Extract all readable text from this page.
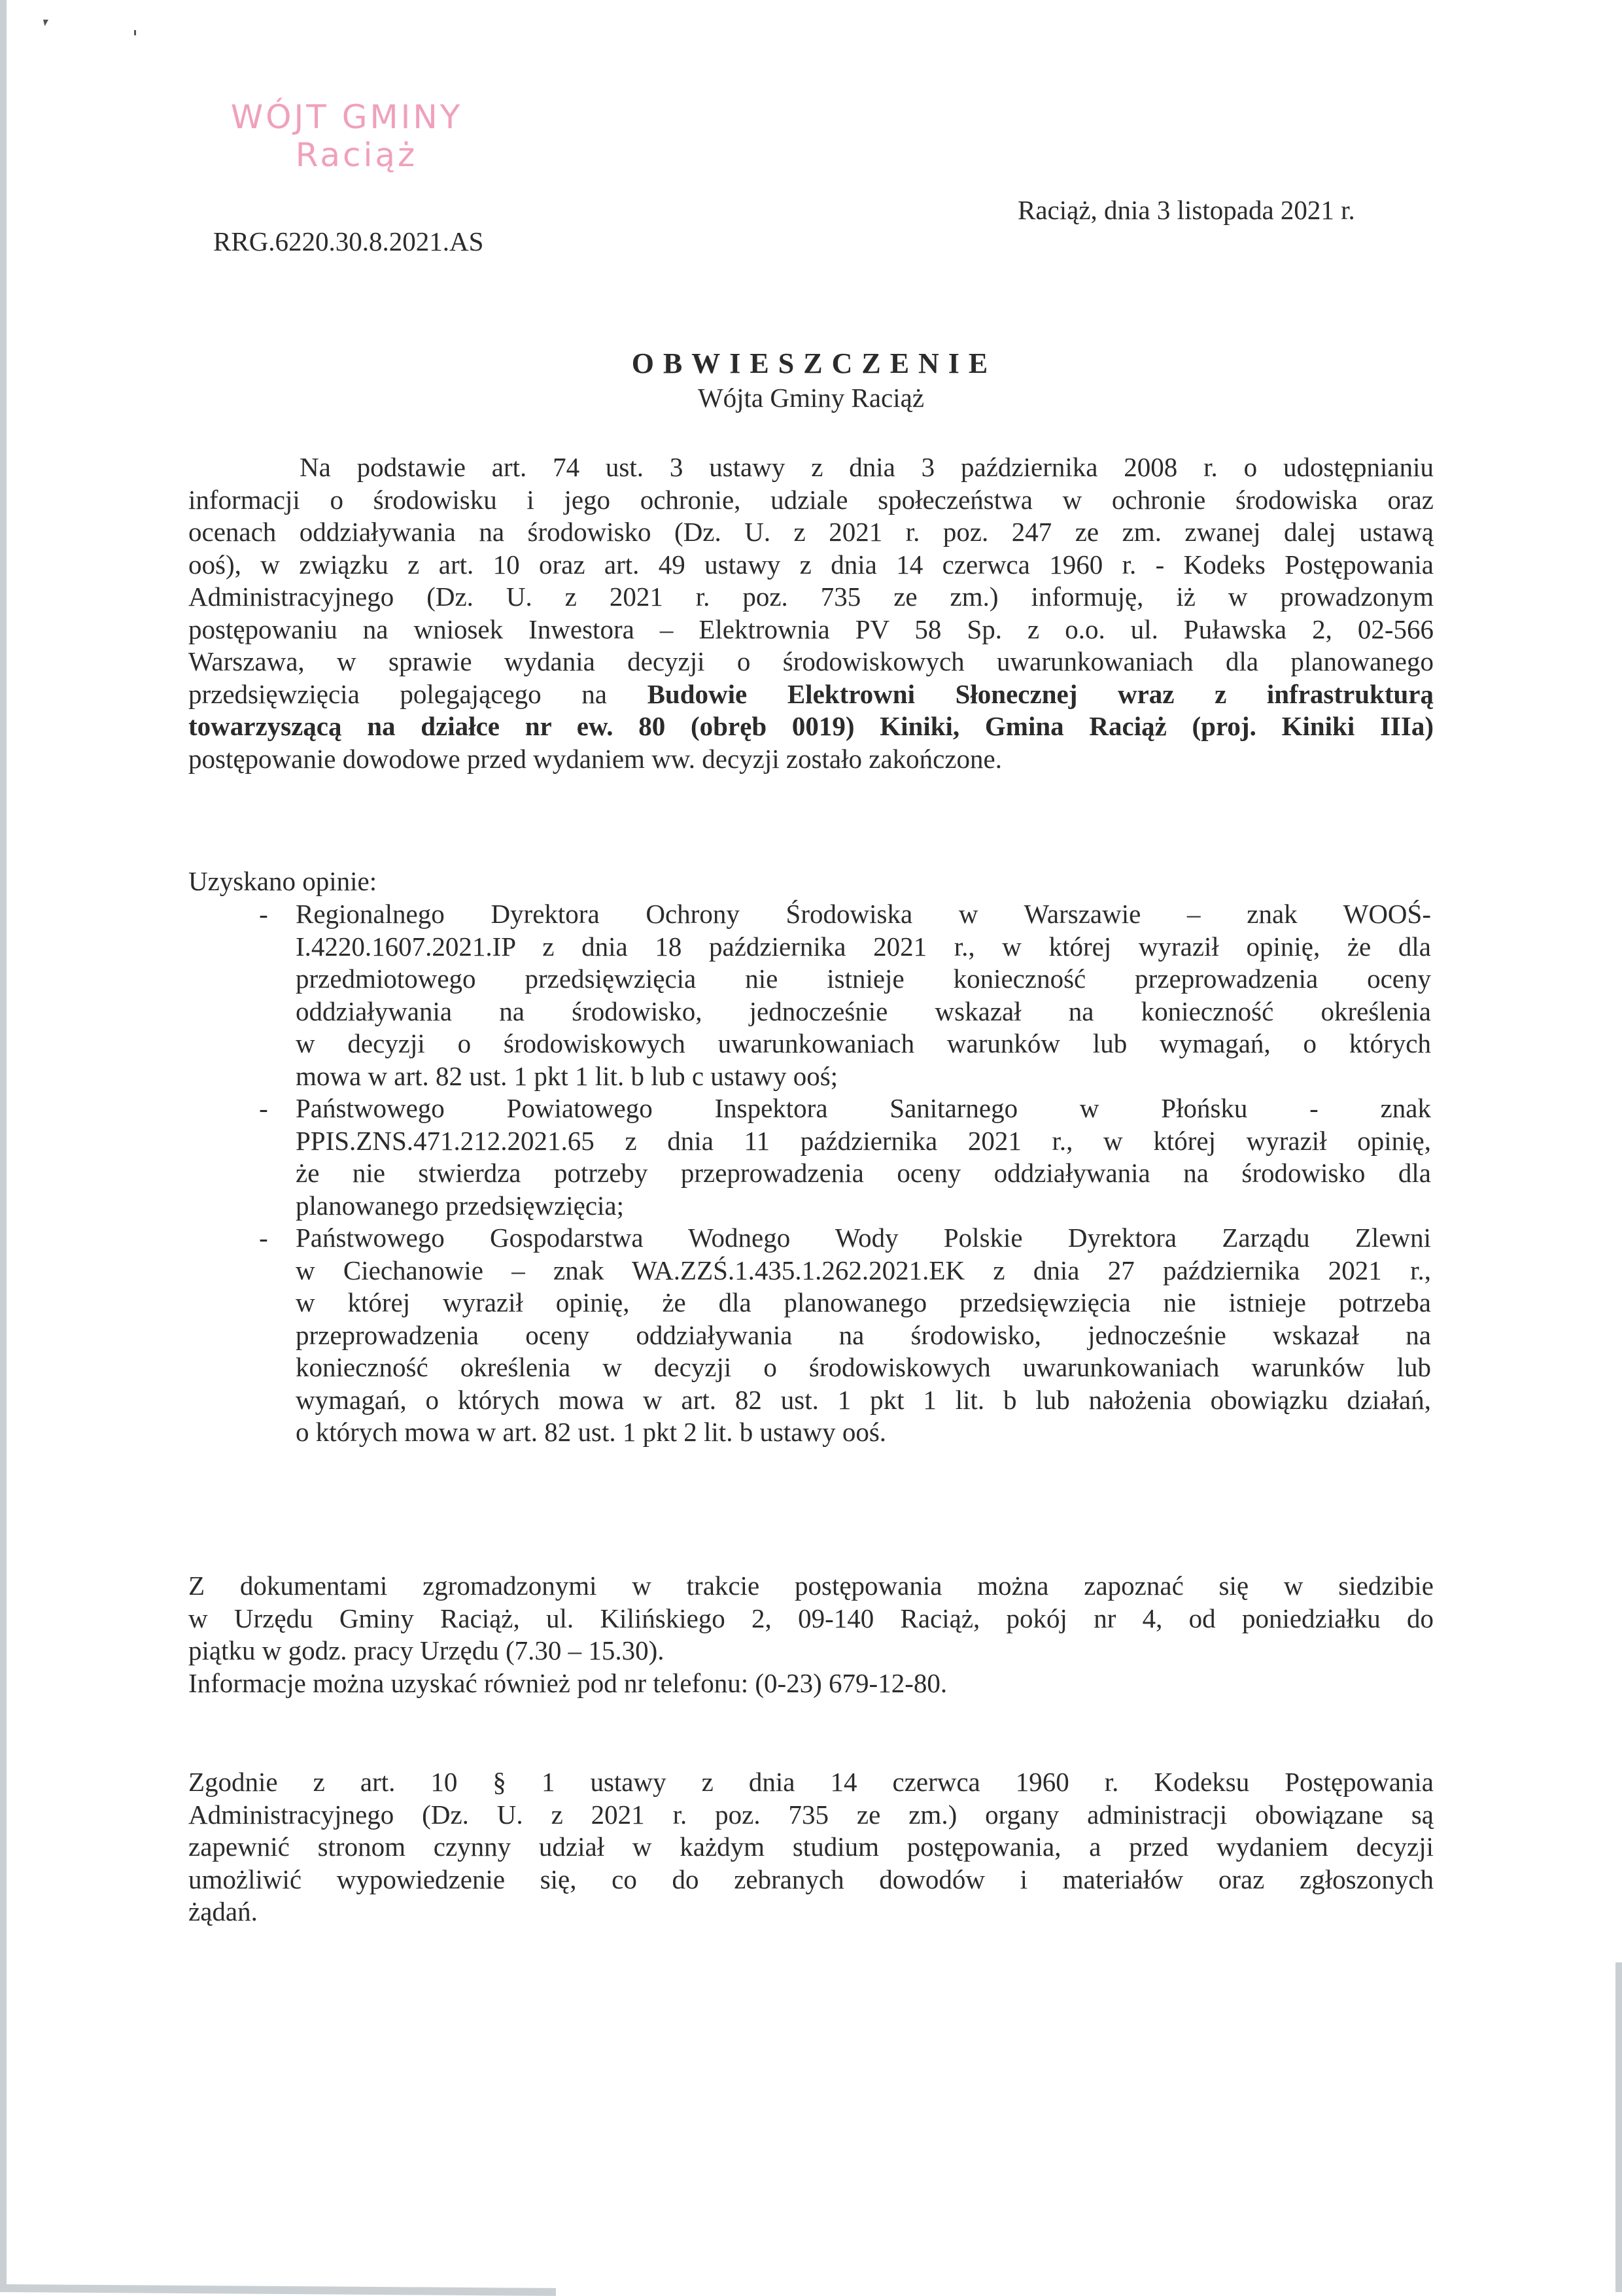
WÓJT GMINY
Raciąż
RRG.6220.30.8.2021.AS
Raciąż, dnia 3 listopada 2021 r.
OBWIESZCZENIE
Wójta Gminy Raciąż
Na podstawie art. 74 ust. 3 ustawy z dnia 3 października 2008 r. o udostępnianiu
informacji o środowisku i jego ochronie, udziale społeczeństwa w ochronie środowiska oraz
ocenach oddziaływania na środowisko (Dz. U. z 2021 r. poz. 247 ze zm. zwanej dalej ustawą
ooś), w związku z art. 10 oraz art. 49 ustawy z dnia 14 czerwca 1960 r. - Kodeks Postępowania
Administracyjnego (Dz. U. z 2021 r. poz. 735 ze zm.) informuję, iż w prowadzonym
postępowaniu na wniosek Inwestora – Elektrownia PV 58 Sp. z o.o. ul. Puławska 2, 02-566
Warszawa, w sprawie wydania decyzji o środowiskowych uwarunkowaniach dla planowanego
przedsięwzięcia polegającego na Budowie Elektrowni Słonecznej wraz z infrastrukturą
towarzyszącą na działce nr ew. 80 (obręb 0019) Kiniki, Gmina Raciąż (proj. Kiniki IIIa)
postępowanie dowodowe przed wydaniem ww. decyzji zostało zakończone.
Uzyskano opinie:
- Regionalnego Dyrektora Ochrony Środowiska w Warszawie – znak WOOŚ-
I.4220.1607.2021.IP z dnia 18 października 2021 r., w której wyraził opinię, że dla
przedmiotowego przedsięwzięcia nie istnieje konieczność przeprowadzenia oceny
oddziaływania na środowisko, jednocześnie wskazał na konieczność określenia
w decyzji o środowiskowych uwarunkowaniach warunków lub wymagań, o których
mowa w art. 82 ust. 1 pkt 1 lit. b lub c ustawy ooś;
- Państwowego Powiatowego Inspektora Sanitarnego w Płońsku - znak
PPIS.ZNS.471.212.2021.65 z dnia 11 października 2021 r., w której wyraził opinię,
że nie stwierdza potrzeby przeprowadzenia oceny oddziaływania na środowisko dla
planowanego przedsięwzięcia;
- Państwowego Gospodarstwa Wodnego Wody Polskie Dyrektora Zarządu Zlewni
w Ciechanowie – znak WA.ZZŚ.1.435.1.262.2021.EK z dnia 27 października 2021 r.,
w której wyraził opinię, że dla planowanego przedsięwzięcia nie istnieje potrzeba
przeprowadzenia oceny oddziaływania na środowisko, jednocześnie wskazał na
konieczność określenia w decyzji o środowiskowych uwarunkowaniach warunków lub
wymagań, o których mowa w art. 82 ust. 1 pkt 1 lit. b lub nałożenia obowiązku działań,
o których mowa w art. 82 ust. 1 pkt 2 lit. b ustawy ooś.
Z dokumentami zgromadzonymi w trakcie postępowania można zapoznać się w siedzibie
w Urzędu Gminy Raciąż, ul. Kilińskiego 2, 09-140 Raciąż, pokój nr 4, od poniedziałku do
piątku w godz. pracy Urzędu (7.30 – 15.30).
Informacje można uzyskać również pod nr telefonu: (0-23) 679-12-80.
Zgodnie z art. 10 § 1 ustawy z dnia 14 czerwca 1960 r. Kodeksu Postępowania
Administracyjnego (Dz. U. z 2021 r. poz. 735 ze zm.) organy administracji obowiązane są
zapewnić stronom czynny udział w każdym studium postępowania, a przed wydaniem decyzji
umożliwić wypowiedzenie się, co do zebranych dowodów i materiałów oraz zgłoszonych
żądań.
